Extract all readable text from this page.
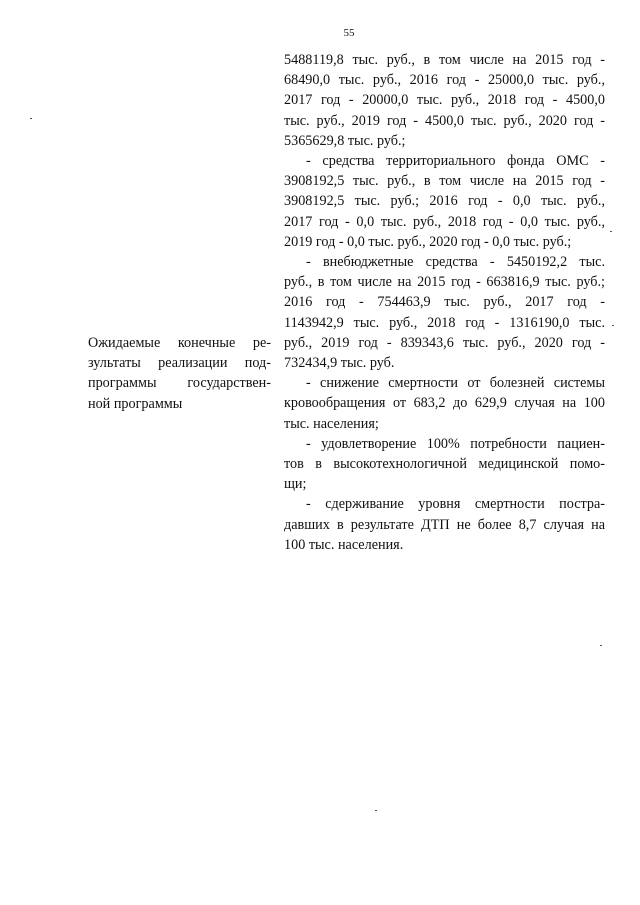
55
Ожидаемые конечные ре-
зультаты реализации под-
программы государствен-
ной программы
5488119,8 тыс. руб., в том числе на 2015 год -
68490,0 тыс. руб., 2016 год - 25000,0 тыс. руб.,
2017 год - 20000,0 тыс. руб., 2018 год - 4500,0
тыс. руб., 2019 год - 4500,0 тыс. руб., 2020 год -
5365629,8 тыс. руб.;
- средства территориального фонда ОМС -
3908192,5 тыс. руб., в том числе на 2015 год -
3908192,5 тыс. руб.; 2016 год - 0,0 тыс. руб.,
2017 год - 0,0 тыс. руб., 2018 год - 0,0 тыс. руб.,
2019 год - 0,0 тыс. руб., 2020 год - 0,0 тыс. руб.;
- внебюджетные средства - 5450192,2 тыс.
руб., в том числе на 2015 год - 663816,9 тыс. руб.;
2016 год - 754463,9 тыс. руб., 2017 год -
1143942,9 тыс. руб., 2018 год - 1316190,0 тыс.
руб., 2019 год - 839343,6 тыс. руб., 2020 год -
732434,9 тыс. руб.
- снижение смертности от болезней системы
кровообращения от 683,2 до 629,9 случая на 100
тыс. населения;
- удовлетворение 100% потребности пациен-
тов в высокотехнологичной медицинской помо-
щи;
- сдерживание уровня смертности пострa-
давших в результате ДТП не более 8,7 случая на
100 тыс. населения.
